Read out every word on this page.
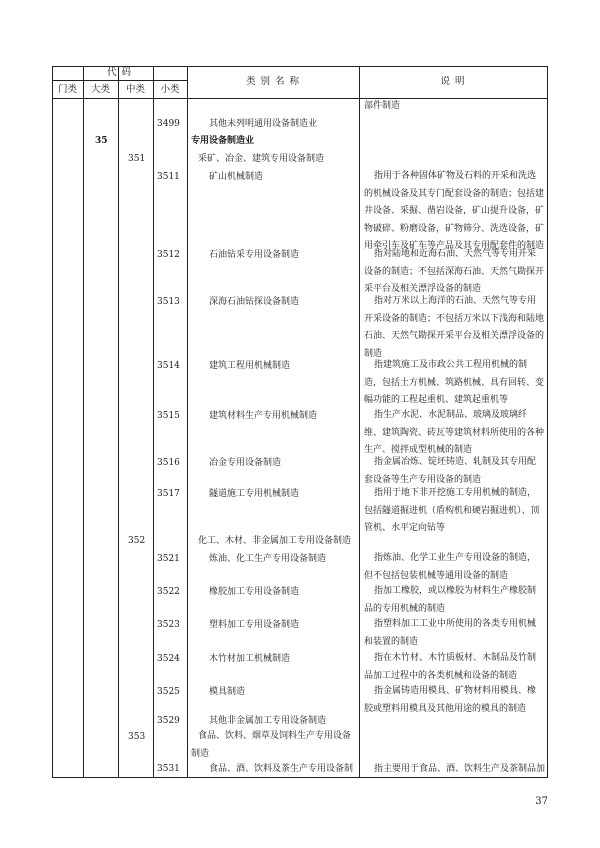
代 码
门类	大类	中类	小类
类 别 名 称	说 明
部件制造
3499	其他未列明通用设备制造业
35	专用设备制造业
351	采矿、冶金、建筑专用设备制造
3511	矿山机械制造	指用于各种固体矿物及石料的开采和洗选的机械设备及其专门配套设备的制造；包括建井设备、采掘、凿岩设备，矿山提升设备，矿物破碎、粉磨设备，矿物筛分、洗选设备，矿用牵引车及矿车等产品及其专用配套件的制造
3512	石油钻采专用设备制造	指对陆地和近海石油、天然气等专用开采设备的制造；不包括深海石油、天然气勘探开采平台及相关漂浮设备的制造
3513	深海石油钻探设备制造	指对万米以上海洋的石油、天然气等专用开采设备的制造；不包括万米以下浅海和陆地石油、天然气勘探开采平台及相关漂浮设备的制造
3514	建筑工程用机械制造	指建筑施工及市政公共工程用机械的制造，包括土方机械、筑路机械、具有回转、变幅功能的工程起重机、建筑起重机等
3515	建筑材料生产专用机械制造	指生产水泥、水泥制品、玻璃及玻璃纤维、建筑陶瓷、砖瓦等建筑材料所使用的各种生产、搅拌成型机械的制造
3516	冶金专用设备制造	指金属冶炼、锭坯铸造、轧制及其专用配套设备等生产专用设备的制造
3517	隧道施工专用机械制造	指用于地下非开挖施工专用机械的制造，包括隧道掘进机（盾构机和硬岩掘进机）、顶管机、水平定向钻等
352	化工、木材、非金属加工专用设备制造
3521	炼油、化工生产专用设备制造	指炼油、化学工业生产专用设备的制造，但不包括包装机械等通用设备的制造
3522	橡胶加工专用设备制造	指加工橡胶，或以橡胶为材料生产橡胶制品的专用机械的制造
3523	塑料加工专用设备制造	指塑料加工工业中所使用的各类专用机械和装置的制造
3524	木竹材加工机械制造	指在木竹材、木竹质板材、木制品及竹制品加工过程中的各类机械和设备的制造
3525	模具制造	指金属铸造用模具、矿物材料用模具、橡胶或塑料用模具及其他用途的模具的制造
3529	其他非金属加工专用设备制造
353	食品、饮料、烟草及饲料生产专用设备制造
3531	食品、酒、饮料及茶生产专用设备制 指主要用于食品、酒、饮料生产及茶制品加
37
